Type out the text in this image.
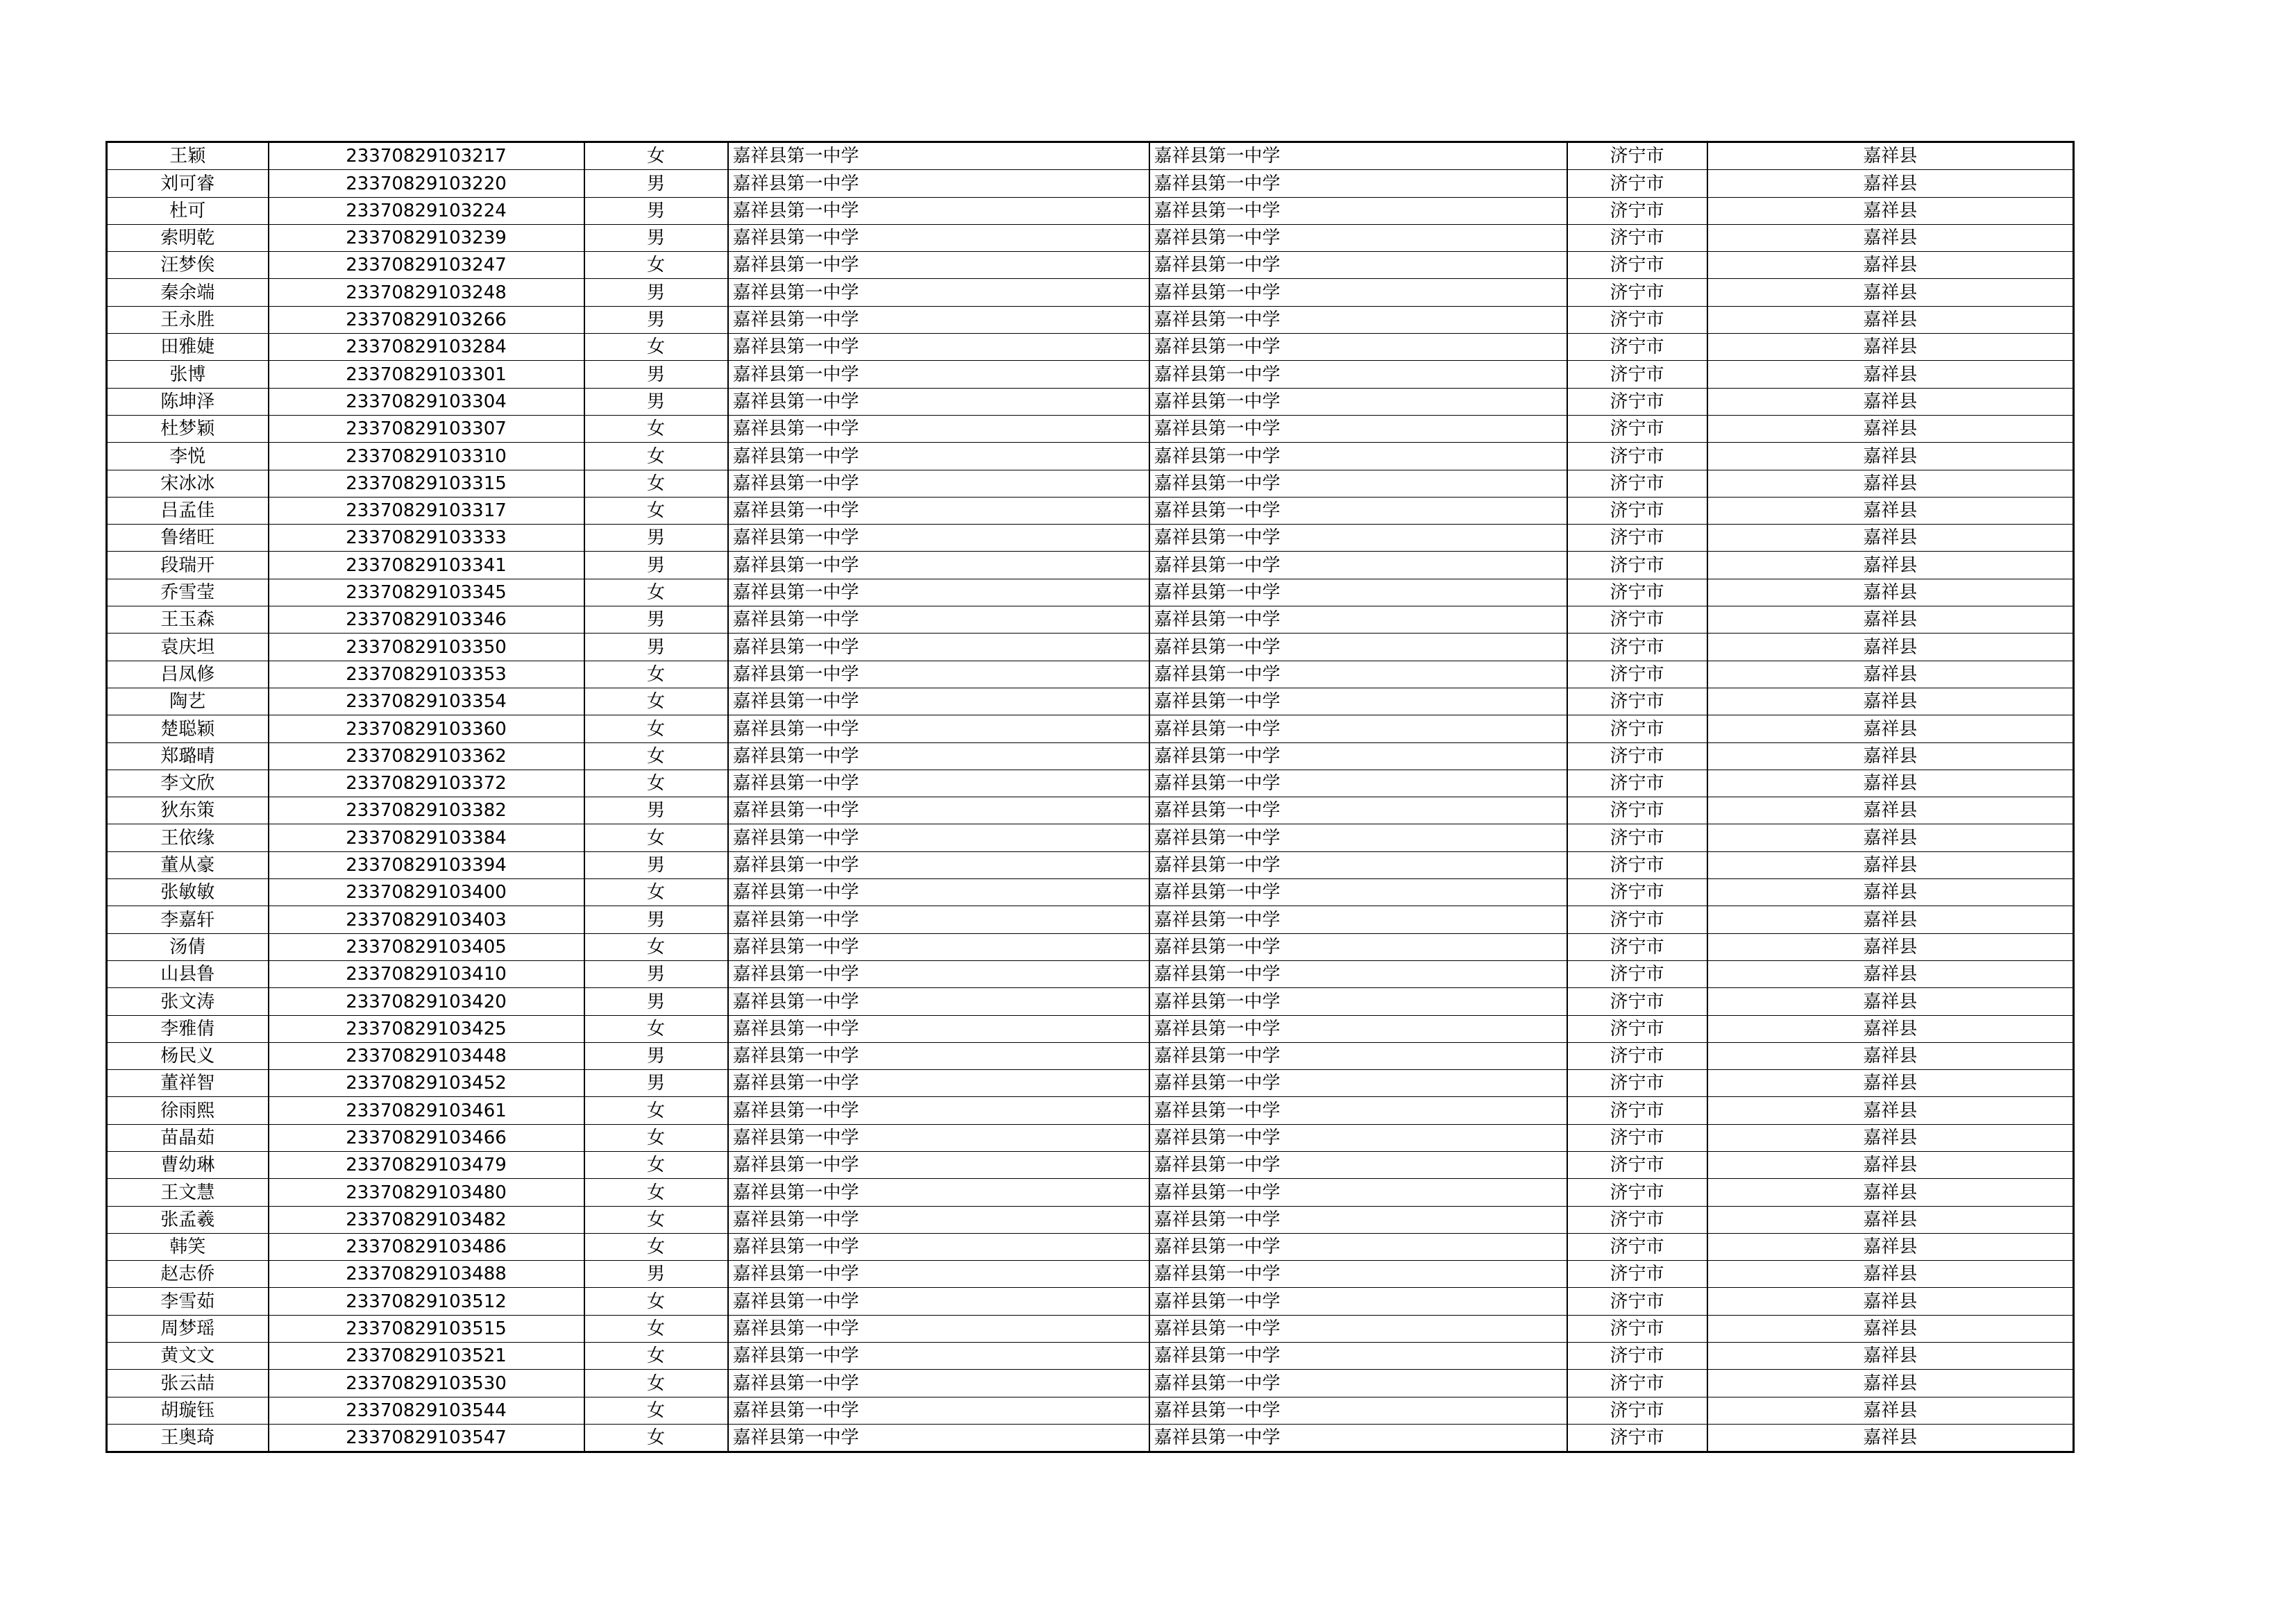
王颖	23370829103217	女	嘉祥县第一中学	嘉祥县第一中学	济宁市	嘉祥县
刘可睿	23370829103220	男	嘉祥县第一中学	嘉祥县第一中学	济宁市	嘉祥县
杜可	23370829103224	男	嘉祥县第一中学	嘉祥县第一中学	济宁市	嘉祥县
索明乾	23370829103239	男	嘉祥县第一中学	嘉祥县第一中学	济宁市	嘉祥县
汪梦俟	23370829103247	女	嘉祥县第一中学	嘉祥县第一中学	济宁市	嘉祥县
秦余端	23370829103248	男	嘉祥县第一中学	嘉祥县第一中学	济宁市	嘉祥县
王永胜	23370829103266	男	嘉祥县第一中学	嘉祥县第一中学	济宁市	嘉祥县
田雅婕	23370829103284	女	嘉祥县第一中学	嘉祥县第一中学	济宁市	嘉祥县
张博	23370829103301	男	嘉祥县第一中学	嘉祥县第一中学	济宁市	嘉祥县
陈坤泽	23370829103304	男	嘉祥县第一中学	嘉祥县第一中学	济宁市	嘉祥县
杜梦颖	23370829103307	女	嘉祥县第一中学	嘉祥县第一中学	济宁市	嘉祥县
李悦	23370829103310	女	嘉祥县第一中学	嘉祥县第一中学	济宁市	嘉祥县
宋冰冰	23370829103315	女	嘉祥县第一中学	嘉祥县第一中学	济宁市	嘉祥县
吕孟佳	23370829103317	女	嘉祥县第一中学	嘉祥县第一中学	济宁市	嘉祥县
鲁绪旺	23370829103333	男	嘉祥县第一中学	嘉祥县第一中学	济宁市	嘉祥县
段瑞开	23370829103341	男	嘉祥县第一中学	嘉祥县第一中学	济宁市	嘉祥县
乔雪莹	23370829103345	女	嘉祥县第一中学	嘉祥县第一中学	济宁市	嘉祥县
王玉森	23370829103346	男	嘉祥县第一中学	嘉祥县第一中学	济宁市	嘉祥县
袁庆坦	23370829103350	男	嘉祥县第一中学	嘉祥县第一中学	济宁市	嘉祥县
吕凤修	23370829103353	女	嘉祥县第一中学	嘉祥县第一中学	济宁市	嘉祥县
陶艺	23370829103354	女	嘉祥县第一中学	嘉祥县第一中学	济宁市	嘉祥县
楚聪颖	23370829103360	女	嘉祥县第一中学	嘉祥县第一中学	济宁市	嘉祥县
郑璐晴	23370829103362	女	嘉祥县第一中学	嘉祥县第一中学	济宁市	嘉祥县
李文欣	23370829103372	女	嘉祥县第一中学	嘉祥县第一中学	济宁市	嘉祥县
狄东策	23370829103382	男	嘉祥县第一中学	嘉祥县第一中学	济宁市	嘉祥县
王依缘	23370829103384	女	嘉祥县第一中学	嘉祥县第一中学	济宁市	嘉祥县
董从豪	23370829103394	男	嘉祥县第一中学	嘉祥县第一中学	济宁市	嘉祥县
张敏敏	23370829103400	女	嘉祥县第一中学	嘉祥县第一中学	济宁市	嘉祥县
李嘉轩	23370829103403	男	嘉祥县第一中学	嘉祥县第一中学	济宁市	嘉祥县
汤倩	23370829103405	女	嘉祥县第一中学	嘉祥县第一中学	济宁市	嘉祥县
山县鲁	23370829103410	男	嘉祥县第一中学	嘉祥县第一中学	济宁市	嘉祥县
张文涛	23370829103420	男	嘉祥县第一中学	嘉祥县第一中学	济宁市	嘉祥县
李雅倩	23370829103425	女	嘉祥县第一中学	嘉祥县第一中学	济宁市	嘉祥县
杨民义	23370829103448	男	嘉祥县第一中学	嘉祥县第一中学	济宁市	嘉祥县
董祥智	23370829103452	男	嘉祥县第一中学	嘉祥县第一中学	济宁市	嘉祥县
徐雨熙	23370829103461	女	嘉祥县第一中学	嘉祥县第一中学	济宁市	嘉祥县
苗晶茹	23370829103466	女	嘉祥县第一中学	嘉祥县第一中学	济宁市	嘉祥县
曹幼琳	23370829103479	女	嘉祥县第一中学	嘉祥县第一中学	济宁市	嘉祥县
王文慧	23370829103480	女	嘉祥县第一中学	嘉祥县第一中学	济宁市	嘉祥县
张孟羲	23370829103482	女	嘉祥县第一中学	嘉祥县第一中学	济宁市	嘉祥县
韩笑	23370829103486	女	嘉祥县第一中学	嘉祥县第一中学	济宁市	嘉祥县
赵志侨	23370829103488	男	嘉祥县第一中学	嘉祥县第一中学	济宁市	嘉祥县
李雪茹	23370829103512	女	嘉祥县第一中学	嘉祥县第一中学	济宁市	嘉祥县
周梦瑶	23370829103515	女	嘉祥县第一中学	嘉祥县第一中学	济宁市	嘉祥县
黄文文	23370829103521	女	嘉祥县第一中学	嘉祥县第一中学	济宁市	嘉祥县
张云喆	23370829103530	女	嘉祥县第一中学	嘉祥县第一中学	济宁市	嘉祥县
胡璇钰	23370829103544	女	嘉祥县第一中学	嘉祥县第一中学	济宁市	嘉祥县
王奥琦	23370829103547	女	嘉祥县第一中学	嘉祥县第一中学	济宁市	嘉祥县
